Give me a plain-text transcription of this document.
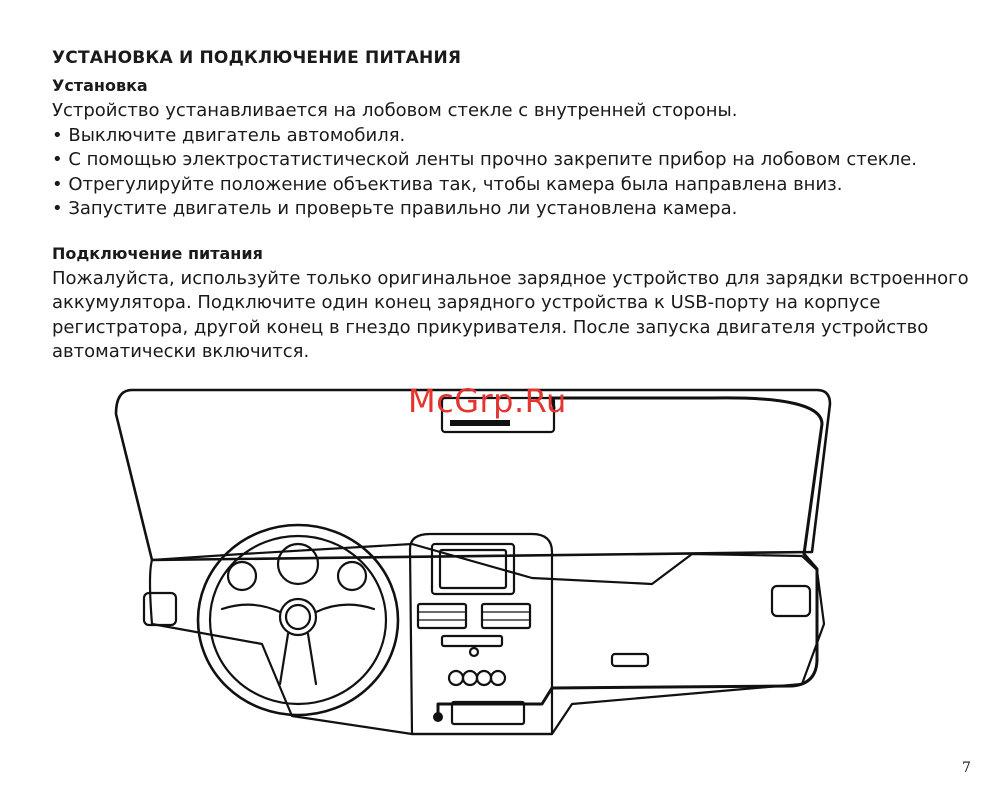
УСТАНОВКА И ПОДКЛЮЧЕНИЕ ПИТАНИЯ
Установка

Устройство устанавливается на лобовом стекле с внутренней стороны.

• Выключите двигатель автомобиля.
• С помощью электростатистической ленты прочно закрепите прибор на лобовом стекле.
• Отрегулируйте положение объектива так, чтобы камера была направлена вниз.
• Запустите двигатель и проверьте правильно ли установлена камера.
Подключение питания

Пожалуйста, используйте только оригинальное зарядное устройство для зарядки встроенного аккумулятора. Подключите один конец зарядного устройства к USB-порту на корпусе регистратора, другой конец в гнездо прикуривателя. После запуска двигателя устройство автоматически включится.

McGrp.Ru
7
